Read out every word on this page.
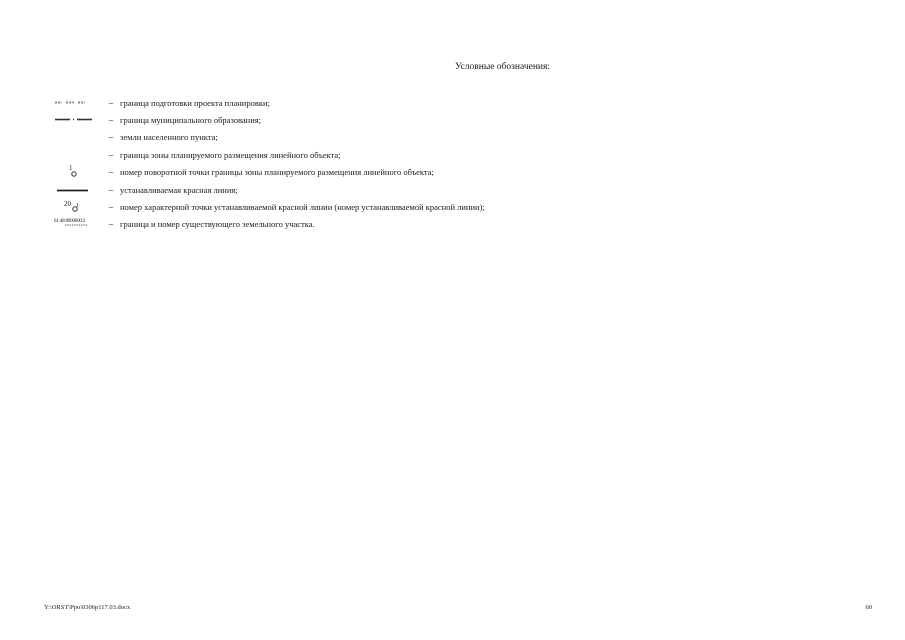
Условные обозначения:
– граница подготовки проекта планировки;
– граница муниципального образования;
– земли населенного пункта;
– граница зоны планируемого размещения линейного объекта;
1	– номер поворотной точки границы зоны планируемого размещения линейного объекта;
– устанавливаемая красная линия;
20 1	– номер характерной точки устанавливаемой красной линии (номер устанавливаемой красной линии);
61:48:0000000:2	– граница и номер существующего земельного участка.
Y:\ORST\Ppo\0306p117.03.docx	60
